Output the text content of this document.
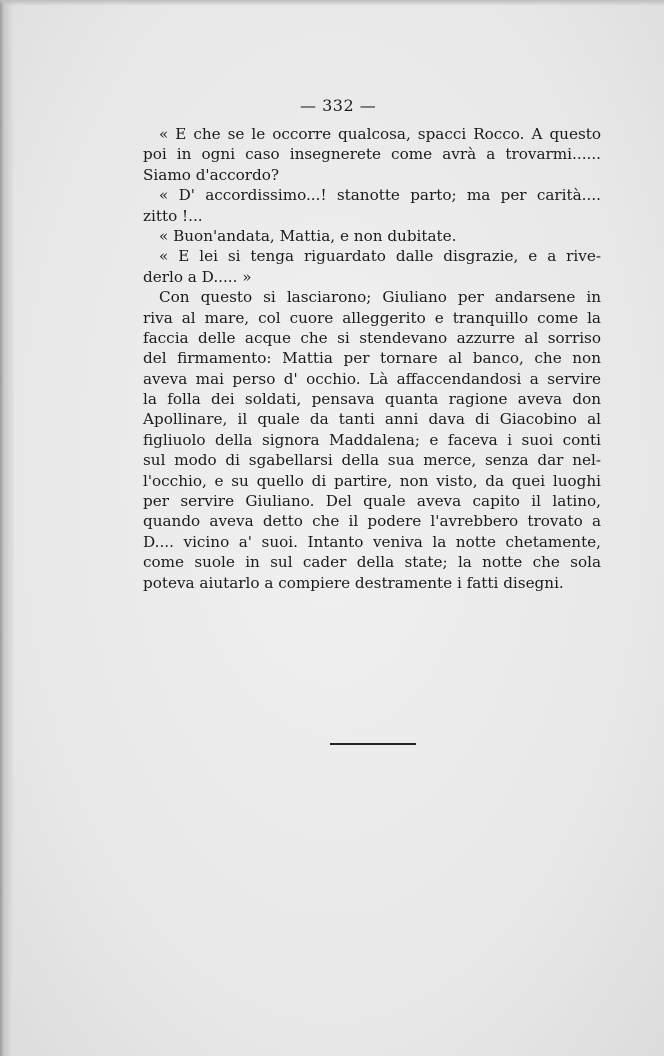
— 332 —
« E che se le occorre qualcosa, spacci Rocco. A questo
poi in ogni caso insegnerete come avrà a trovarmi......
Siamo d'accordo?
« D' accordissimo...! stanotte parto; ma per carità....
zitto !...
« Buon'andata, Mattia, e non dubitate.
« E lei si tenga riguardato dalle disgrazie, e a rive-
derlo a D..... »
Con questo si lasciarono; Giuliano per andarsene in
riva al mare, col cuore alleggerito e tranquillo come la
faccia delle acque che si stendevano azzurre al sorriso
del firmamento: Mattia per tornare al banco, che non
aveva mai perso d' occhio. Là affaccendandosi a servire
la folla dei soldati, pensava quanta ragione aveva don
Apollinare, il quale da tanti anni dava di Giacobino al
figliuolo della signora Maddalena; e faceva i suoi conti
sul modo di sgabellarsi della sua merce, senza dar nel-
l'occhio, e su quello di partire, non visto, da quei luoghi
per servire Giuliano. Del quale aveva capito il latino,
quando aveva detto che il podere l'avrebbero trovato a
D.... vicino a' suoi. Intanto veniva la notte chetamente,
come suole in sul cader della state; la notte che sola
poteva aiutarlo a compiere destramente i fatti disegni.
